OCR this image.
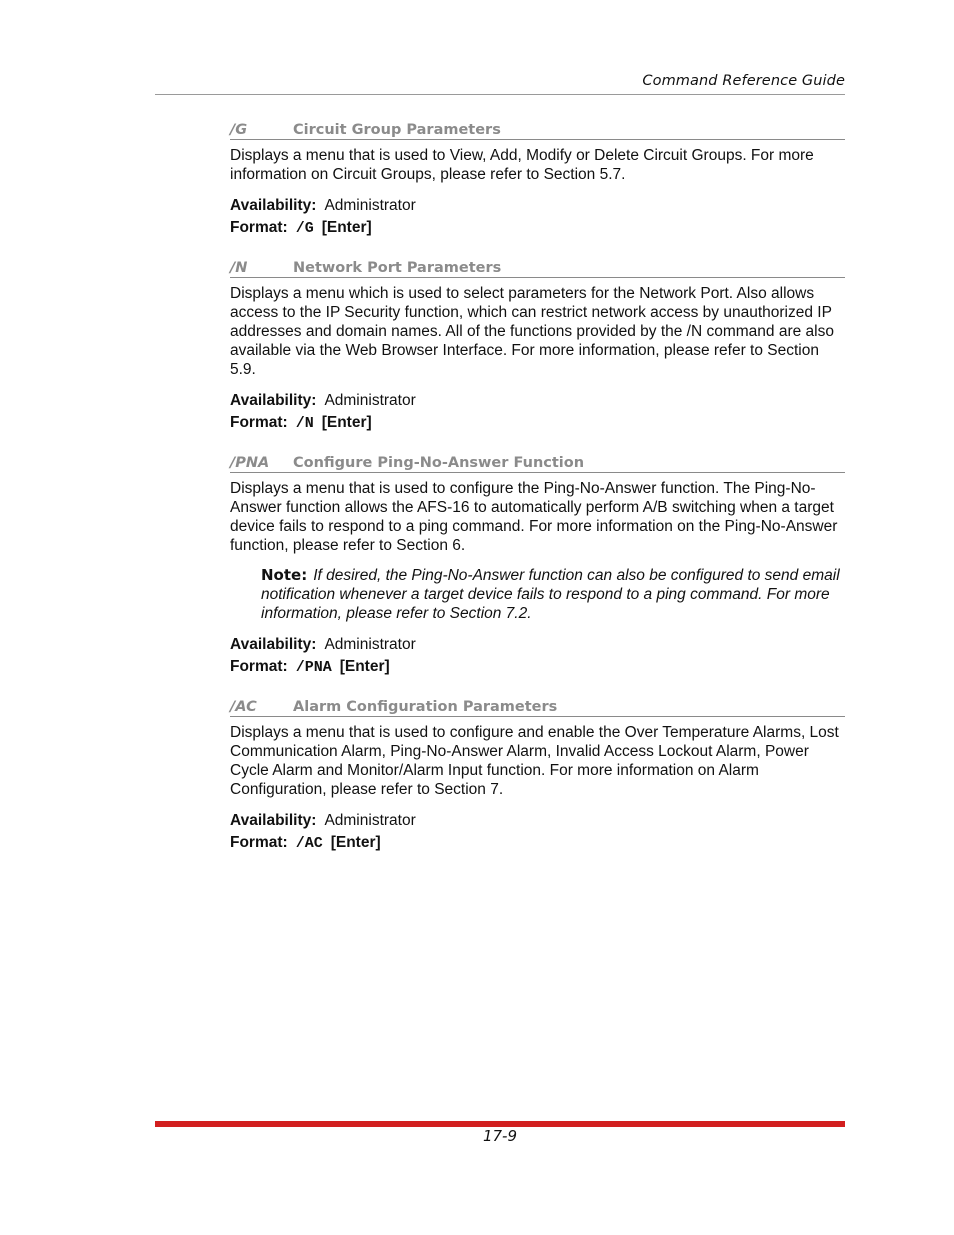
Command Reference Guide
/G	Circuit Group Parameters

Displays a menu that is used to View, Add, Modify or Delete Circuit Groups. For more information on Circuit Groups, please refer to Section 5.7.

Availability: Administrator
Format: /G [Enter]
/N	Network Port Parameters

Displays a menu which is used to select parameters for the Network Port. Also allows access to the IP Security function, which can restrict network access by unauthorized IP addresses and domain names. All of the functions provided by the /N command are also available via the Web Browser Interface. For more information, please refer to Section 5.9.

Availability: Administrator
Format: /N [Enter]
/PNA	Configure Ping-No-Answer Function

Displays a menu that is used to configure the Ping-No-Answer function. The Ping-No-Answer function allows the AFS-16 to automatically perform A/B switching when a target device fails to respond to a ping command. For more information on the Ping-No-Answer function, please refer to Section 6.

Note: If desired, the Ping-No-Answer function can also be configured to send email notification whenever a target device fails to respond to a ping command. For more information, please refer to Section 7.2.
Availability: Administrator
Format: /PNA [Enter]
/AC	Alarm Configuration Parameters

Displays a menu that is used to configure and enable the Over Temperature Alarms, Lost Communication Alarm, Ping-No-Answer Alarm, Invalid Access Lockout Alarm, Power Cycle Alarm and Monitor/Alarm Input function. For more information on Alarm Configuration, please refer to Section 7.

Availability: Administrator
Format: /AC [Enter]
17-9
